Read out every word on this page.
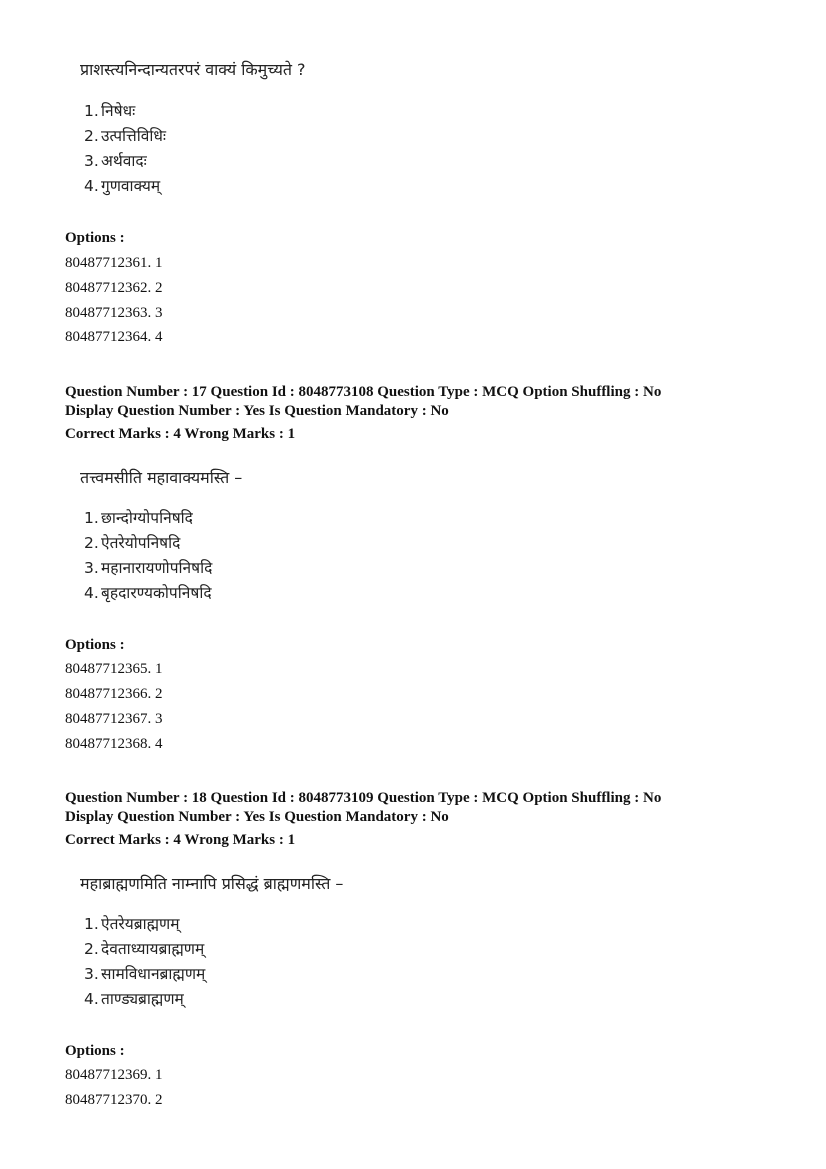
प्राशस्त्यनिन्दान्यतरपरं वाक्यं किमुच्यते ?
1. निषेधः
2. उत्पत्तिविधिः
3. अर्थवादः
4. गुणवाक्यम्
Options :
80487712361. 1
80487712362. 2
80487712363. 3
80487712364. 4
Question Number : 17 Question Id : 8048773108 Question Type : MCQ Option Shuffling : No
Display Question Number : Yes Is Question Mandatory : No
Correct Marks : 4 Wrong Marks : 1
तत्त्वमसीति महावाक्यमस्ति –
1. छान्दोग्योपनिषदि
2. ऐतरेयोपनिषदि
3. महानारायणोपनिषदि
4. बृहदारण्यकोपनिषदि
Options :
80487712365. 1
80487712366. 2
80487712367. 3
80487712368. 4
Question Number : 18 Question Id : 8048773109 Question Type : MCQ Option Shuffling : No
Display Question Number : Yes Is Question Mandatory : No
Correct Marks : 4 Wrong Marks : 1
महाब्राह्मणमिति नाम्नापि प्रसिद्धं ब्राह्मणमस्ति –
1. ऐतरेयब्राह्मणम्
2. देवताध्यायब्राह्मणम्
3. सामविधानब्राह्मणम्
4. ताण्ड्यब्राह्मणम्
Options :
80487712369. 1
80487712370. 2
